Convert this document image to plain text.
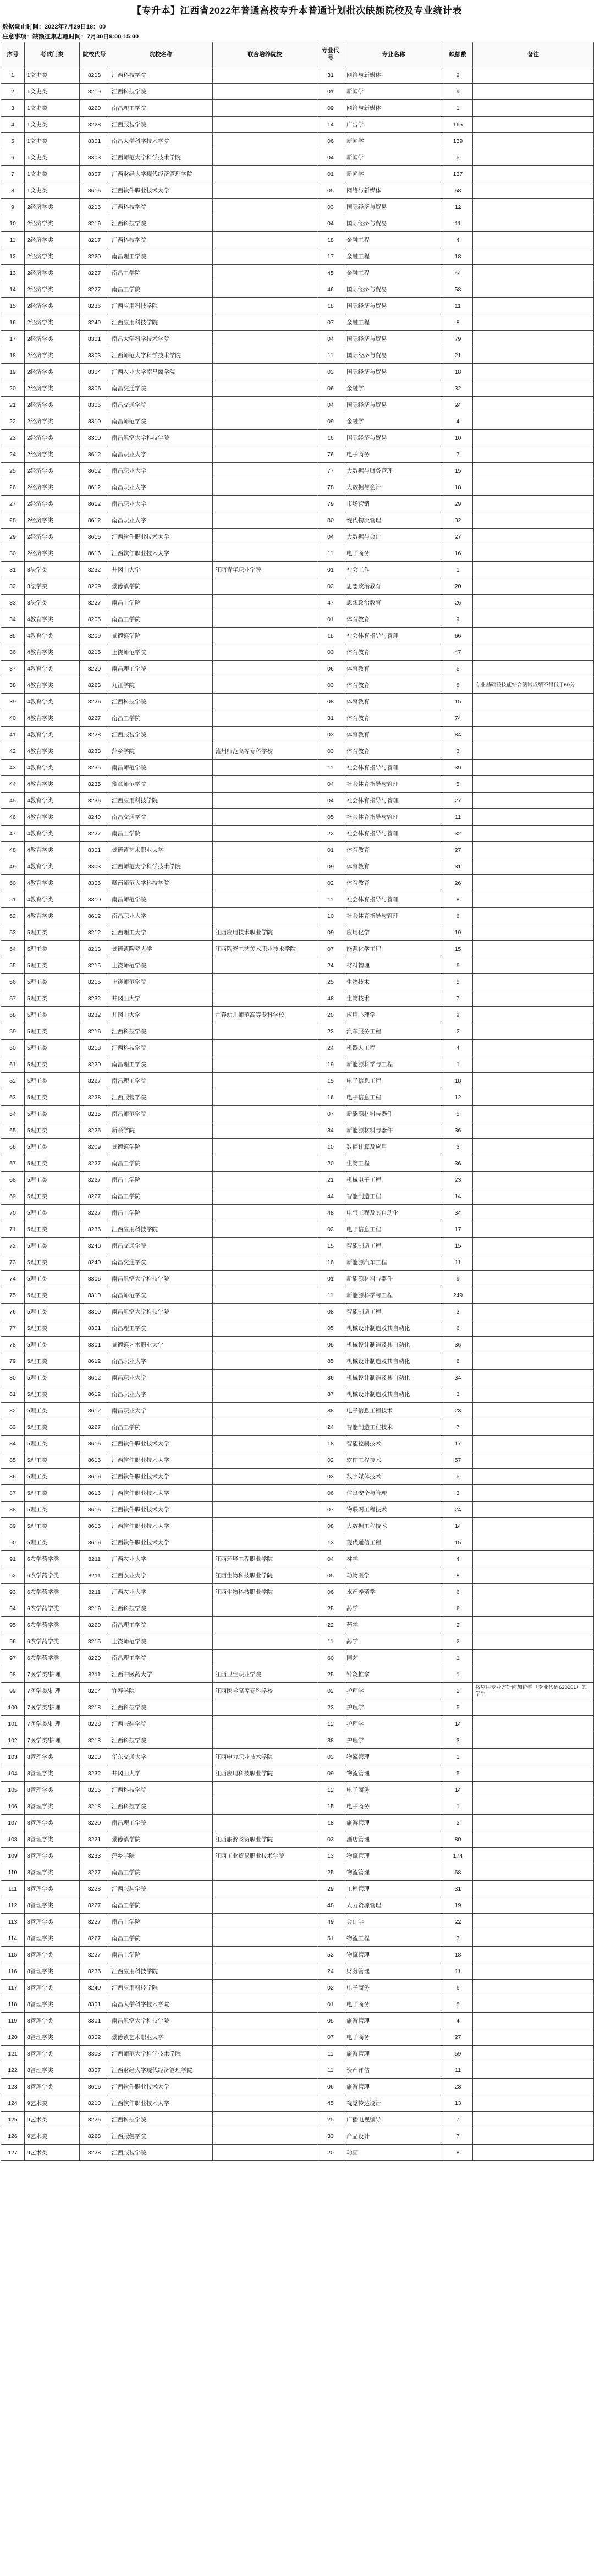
【专升本】江西省2022年普通高校专升本普通计划批次缺额院校及专业统计表
数据截止时间：2022年7月29日18：00
注意事项：缺额征集志愿时间：7月30日9:00-15:00
序号	考试门类	院校代号	院校名称	联合培养院校	专业代号	专业名称	缺额数	备注
1	1文史类	8218	江西科技学院		31	网络与新媒体	9	
2	1文史类	8219	江西科技学院		01	新闻学	9	
3	1文史类	8220	南昌理工学院		09	网络与新媒体	1	
4	1文史类	8228	江西服装学院		14	广告学	165	
5	1文史类	8301	南昌大学科学技术学院		06	新闻学	139	
6	1文史类	8303	江西师范大学科学技术学院		04	新闻学	5	
7	1文史类	8307	江西财经大学现代经济管理学院		01	新闻学	137	
8	1文史类	8616	江西软件职业技术大学		05	网络与新媒体	58	
9	2经济学类	8216	江西科技学院		03	国际经济与贸易	12	
10	2经济学类	8216	江西科技学院		04	国际经济与贸易	11	
11	2经济学类	8217	江西科技学院		18	金融工程	4	
12	2经济学类	8220	南昌理工学院		17	金融工程	18	
13	2经济学类	8227	南昌工学院		45	金融工程	44	
14	2经济学类	8227	南昌工学院		46	国际经济与贸易	58	
15	2经济学类	8236	江西应用科技学院		18	国际经济与贸易	11	
16	2经济学类	8240	江西应用科技学院		07	金融工程	8	
17	2经济学类	8301	南昌大学科学技术学院		04	国际经济与贸易	79	
18	2经济学类	8303	江西师范大学科学技术学院		11	国际经济与贸易	21	
19	2经济学类	8304	江西农业大学南昌商学院		03	国际经济与贸易	18	
20	2经济学类	8306	南昌交通学院		06	金融学	32	
21	2经济学类	8306	南昌交通学院		04	国际经济与贸易	24	
22	2经济学类	8310	南昌师范学院		09	金融学	4	
23	2经济学类	8310	南昌航空大学科技学院		16	国际经济与贸易	10	
24	2经济学类	8612	南昌职业大学		76	电子商务	7	
25	2经济学类	8612	南昌职业大学		77	大数据与财务管理	15	
26	2经济学类	8612	南昌职业大学		78	大数据与会计	18	
27	2经济学类	8612	南昌职业大学		79	市场营销	29	
28	2经济学类	8612	南昌职业大学		80	现代物流管理	32	
29	2经济学类	8616	江西软件职业技术大学		04	大数据与会计	27	
30	2经济学类	8616	江西软件职业技术大学		11	电子商务	16	
31	3法学类	8232	井冈山大学	江西青年职业学院	01	社会工作	1	
32	3法学类	8209	景德镇学院		02	思想政治教育	20	
33	3法学类	8227	南昌工学院		47	思想政治教育	26	
34	4教育学类	8205	南昌工学院		01	体育教育	9	
35	4教育学类	8209	景德镇学院		15	社会体育指导与管理	66	
36	4教育学类	8215	上饶师范学院		03	体育教育	47	
37	4教育学类	8220	南昌理工学院		06	体育教育	5	
38	4教育学类	8223	九江学院		03	体育教育	8	专业基础及技能综合测试成绩不得低于60分
39	4教育学类	8226	江西科技学院		08	体育教育	15	
40	4教育学类	8227	南昌工学院		31	体育教育	74	
41	4教育学类	8228	江西服装学院		03	体育教育	84	
42	4教育学类	8233	萍乡学院	赣州师范高等专科学校	03	体育教育	3	
43	4教育学类	8235	南昌师范学院		11	社会体育指导与管理	39	
44	4教育学类	8235	豫章师范学院		04	社会体育指导与管理	5	
45	4教育学类	8236	江西应用科技学院		04	社会体育指导与管理	27	
46	4教育学类	8240	南昌交通学院		05	社会体育指导与管理	11	
47	4教育学类	8227	南昌工学院		22	社会体育指导与管理	32	
48	4教育学类	8301	景德镇艺术职业大学		01	体育教育	27	
49	4教育学类	8303	江西师范大学科学技术学院		09	体育教育	31	
50	4教育学类	8306	赣南师范大学科技学院		02	体育教育	26	
51	4教育学类	8310	南昌师范学院		11	社会体育指导与管理	8	
52	4教育学类	8612	南昌职业大学		10	社会体育指导与管理	6	
53	5理工类	8212	江西理工大学	江西应用技术职业学院	09	应用化学	10	
54	5理工类	8213	景德镇陶瓷大学	江西陶瓷工艺美术职业技术学院	07	能源化学工程	15	
55	5理工类	8215	上饶师范学院		24	材料物理	6	
56	5理工类	8215	上饶师范学院		25	生物技术	8	
57	5理工类	8232	井冈山大学		48	生物技术	7	
58	5理工类	8232	井冈山大学	宜春幼儿师范高等专科学校	20	应用心理学	9	
59	5理工类	8216	江西科技学院		23	汽车服务工程	2	
60	5理工类	8218	江西科技学院		24	机器人工程	4	
61	5理工类	8220	南昌理工学院		19	新能源科学与工程	1	
62	5理工类	8227	南昌理工学院		15	电子信息工程	18	
63	5理工类	8228	江西服装学院		16	电子信息工程	12	
64	5理工类	8235	南昌师范学院		07	新能源材料与器件	5	
65	5理工类	8226	新余学院		34	新能源材料与器件	36	
66	5理工类	8209	景德镇学院		10	数据计算及应用	3	
67	5理工类	8227	南昌工学院		20	生物工程	36	
68	5理工类	8227	南昌工学院		21	机械电子工程	23	
69	5理工类	8227	南昌工学院		44	智能制造工程	14	
70	5理工类	8227	南昌工学院		48	电气工程及其自动化	34	
71	5理工类	8236	江西应用科技学院		02	电子信息工程	17	
72	5理工类	8240	南昌交通学院		15	智能制造工程	15	
73	5理工类	8240	南昌交通学院		16	新能源汽车工程	11	
74	5理工类	8306	南昌航空大学科技学院		01	新能源材料与器件	9	
75	5理工类	8310	南昌师范学院		11	新能源科学与工程	249	
76	5理工类	8310	南昌航空大学科技学院		08	智能制造工程	3	
77	5理工类	8301	南昌理工学院		05	机械设计制造及其自动化	6	
78	5理工类	8301	景德镇艺术职业大学		05	机械设计制造及其自动化	36	
79	5理工类	8612	南昌职业大学		85	机械设计制造及其自动化	6	
80	5理工类	8612	南昌职业大学		86	机械设计制造及其自动化	34	
81	5理工类	8612	南昌职业大学		87	机械设计制造及其自动化	3	
82	5理工类	8612	南昌职业大学		88	电子信息工程技术	23	
83	5理工类	8227	南昌工学院		24	智能制造工程技术	7	
84	5理工类	8616	江西软件职业技术大学		18	智能控制技术	17	
85	5理工类	8616	江西软件职业技术大学		02	软件工程技术	57	
86	5理工类	8616	江西软件职业技术大学		03	数字媒体技术	5	
87	5理工类	8616	江西软件职业技术大学		06	信息安全与管理	3	
88	5理工类	8616	江西软件职业技术大学		07	物联网工程技术	24	
89	5理工类	8616	江西软件职业技术大学		08	大数据工程技术	14	
90	5理工类	8616	江西软件职业技术大学		13	现代通信工程	15	
91	6农学药学类	8211	江西农业大学	江西环境工程职业学院	04	林学	4	
92	6农学药学类	8211	江西农业大学	江西生物科技职业学院	05	动物医学	8	
93	6农学药学类	8211	江西农业大学	江西生物科技职业学院	06	水产养殖学	6	
94	6农学药学类	8216	江西科技学院		25	药学	6	
95	6农学药学类	8220	南昌理工学院		22	药学	2	
96	6农学药学类	8215	上饶师范学院		11	药学	2	
97	6农学药学类	8220	南昌理工学院		60	园艺	1	
98	7医学类/护理	8211	江西中医药大学	江西卫生职业学院	25	针灸推拿	1	
99	7医学类/护理	8214	宜春学院	江西医学高等专科学校	02	护理学	2	按应用专业方针向加护学（专业代码620201）的学生
100	7医学类/护理	8218	江西科技学院		23	护理学	5	
101	7医学类/护理	8228	江西服装学院		12	护理学	14	
102	7医学类/护理	8218	江西科技学院		38	护理学	3	
103	8管理学类	8210	华东交通大学	江西电力职业技术学院	03	物流管理	1	
104	8管理学类	8232	井冈山大学	江西应用科技职业学院	09	物流管理	5	
105	8管理学类	8216	江西科技学院		12	电子商务	14	
106	8管理学类	8218	江西科技学院		15	电子商务	1	
107	8管理学类	8220	南昌理工学院		18	旅游管理	2	
108	8管理学类	8221	景德镇学院	江西旅游商贸职业学院	03	酒店管理	80	
109	8管理学类	8233	萍乡学院	江西工业贸易职业技术学院	13	物流管理	174	
110	8管理学类	8227	南昌工学院		25	物流管理	68	
111	8管理学类	8228	江西服装学院		29	工程管理	31	
112	8管理学类	8227	南昌工学院		48	人力资源管理	19	
113	8管理学类	8227	南昌工学院		49	会计学	22	
114	8管理学类	8227	南昌工学院		51	物流工程	3	
115	8管理学类	8227	南昌工学院		52	物流管理	18	
116	8管理学类	8236	江西应用科技学院		24	财务管理	11	
117	8管理学类	8240	江西应用科技学院		02	电子商务	6	
118	8管理学类	8301	南昌大学科学技术学院		01	电子商务	8	
119	8管理学类	8301	南昌航空大学科技学院		05	旅游管理	4	
120	8管理学类	8302	景德镇艺术职业大学		07	电子商务	27	
121	8管理学类	8303	江西师范大学科学技术学院		11	旅游管理	59	
122	8管理学类	8307	江西财经大学现代经济管理学院		11	资产评估	11	
123	8管理学类	8616	江西软件职业技术大学		06	旅游管理	23	
124	9艺术类	8210	江西软件职业技术大学		45	视觉传达设计	13	
125	9艺术类	8226	江西科技学院		25	广播电视编导	7	
126	9艺术类	8228	江西服装学院		33	产品设计	7	
127	9艺术类	8228	江西服装学院		20	动画	8	
